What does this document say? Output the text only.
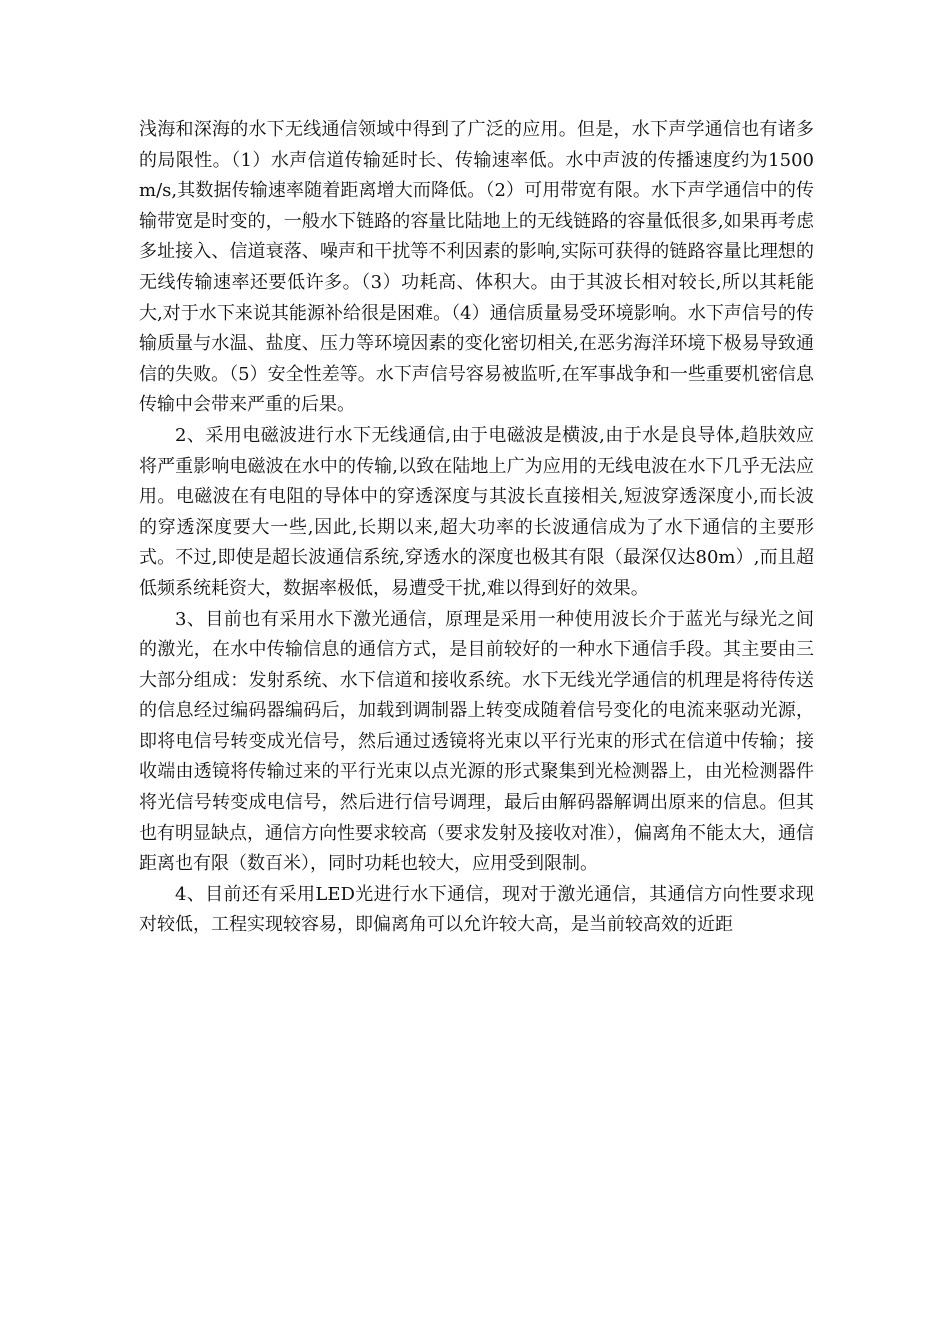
浅海和深海的水下无线通信领域中得到了广泛的应用。但是，水下声学通信也有诸多的局限性。（1）水声信道传输延时长、传输速率低。水中声波的传播速度约为1500m/s,其数据传输速率随着距离增大而降低。（2）可用带宽有限。水下声学通信中的传输带宽是时变的，一般水下链路的容量比陆地上的无线链路的容量低很多,如果再考虑多址接入、信道衰落、噪声和干扰等不利因素的影响,实际可获得的链路容量比理想的无线传输速率还要低许多。（3）功耗高、体积大。由于其波长相对较长,所以其耗能大,对于水下来说其能源补给很是困难。（4）通信质量易受环境影响。水下声信号的传输质量与水温、盐度、压力等环境因素的变化密切相关,在恶劣海洋环境下极易导致通信的失败。（5）安全性差等。水下声信号容易被监听,在军事战争和一些重要机密信息传输中会带来严重的后果。

2、采用电磁波进行水下无线通信,由于电磁波是横波,由于水是良导体,趋肤效应将严重影响电磁波在水中的传输,以致在陆地上广为应用的无线电波在水下几乎无法应用。电磁波在有电阻的导体中的穿透深度与其波长直接相关,短波穿透深度小,而长波的穿透深度要大一些,因此,长期以来,超大功率的长波通信成为了水下通信的主要形式。不过,即使是超长波通信系统,穿透水的深度也极其有限（最深仅达80m）,而且超低频系统耗资大，数据率极低，易遭受干扰,难以得到好的效果。

3、目前也有采用水下激光通信，原理是采用一种使用波长介于蓝光与绿光之间的激光，在水中传输信息的通信方式，是目前较好的一种水下通信手段。其主要由三大部分组成：发射系统、水下信道和接收系统。水下无线光学通信的机理是将待传送的信息经过编码器编码后，加载到调制器上转变成随着信号变化的电流来驱动光源，即将电信号转变成光信号，然后通过透镜将光束以平行光束的形式在信道中传输；接收端由透镜将传输过来的平行光束以点光源的形式聚集到光检测器上，由光检测器件将光信号转变成电信号，然后进行信号调理，最后由解码器解调出原来的信息。但其也有明显缺点，通信方向性要求较高（要求发射及接收对准），偏离角不能太大，通信距离也有限（数百米），同时功耗也较大，应用受到限制。

4、目前还有采用LED光进行水下通信，现对于激光通信，其通信方向性要求现对较低，工程实现较容易，即偏离角可以允许较大高，是当前较高效的近距
